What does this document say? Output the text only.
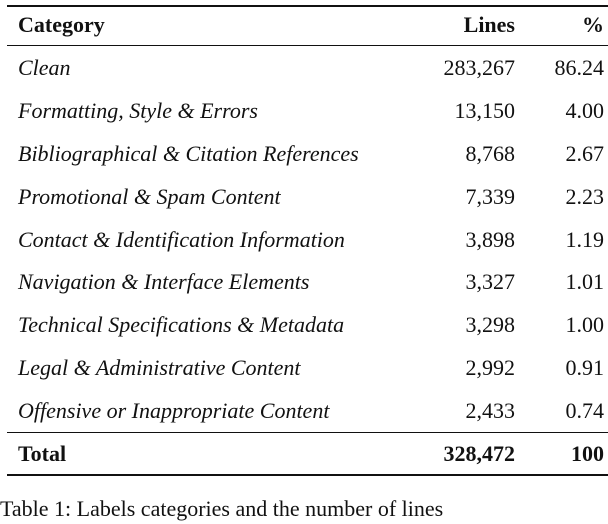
Category	Lines	%
Clean	283,267 86.24
Formatting, Style & Errors	13,150 4.00
Bibliographical & Citation References	8,768 2.67
Promotional & Spam Content	7,339 2.23
Contact & Identification Information	3,898 1.19
Navigation & Interface Elements	3,327 1.01
Technical Specifications & Metadata	3,298 1.00
Legal & Administrative Content	2,992 0.91
Offensive or Inappropriate Content	2,433 0.74
Total	328,472	100
Table 1: Labels categories and the number of lines
